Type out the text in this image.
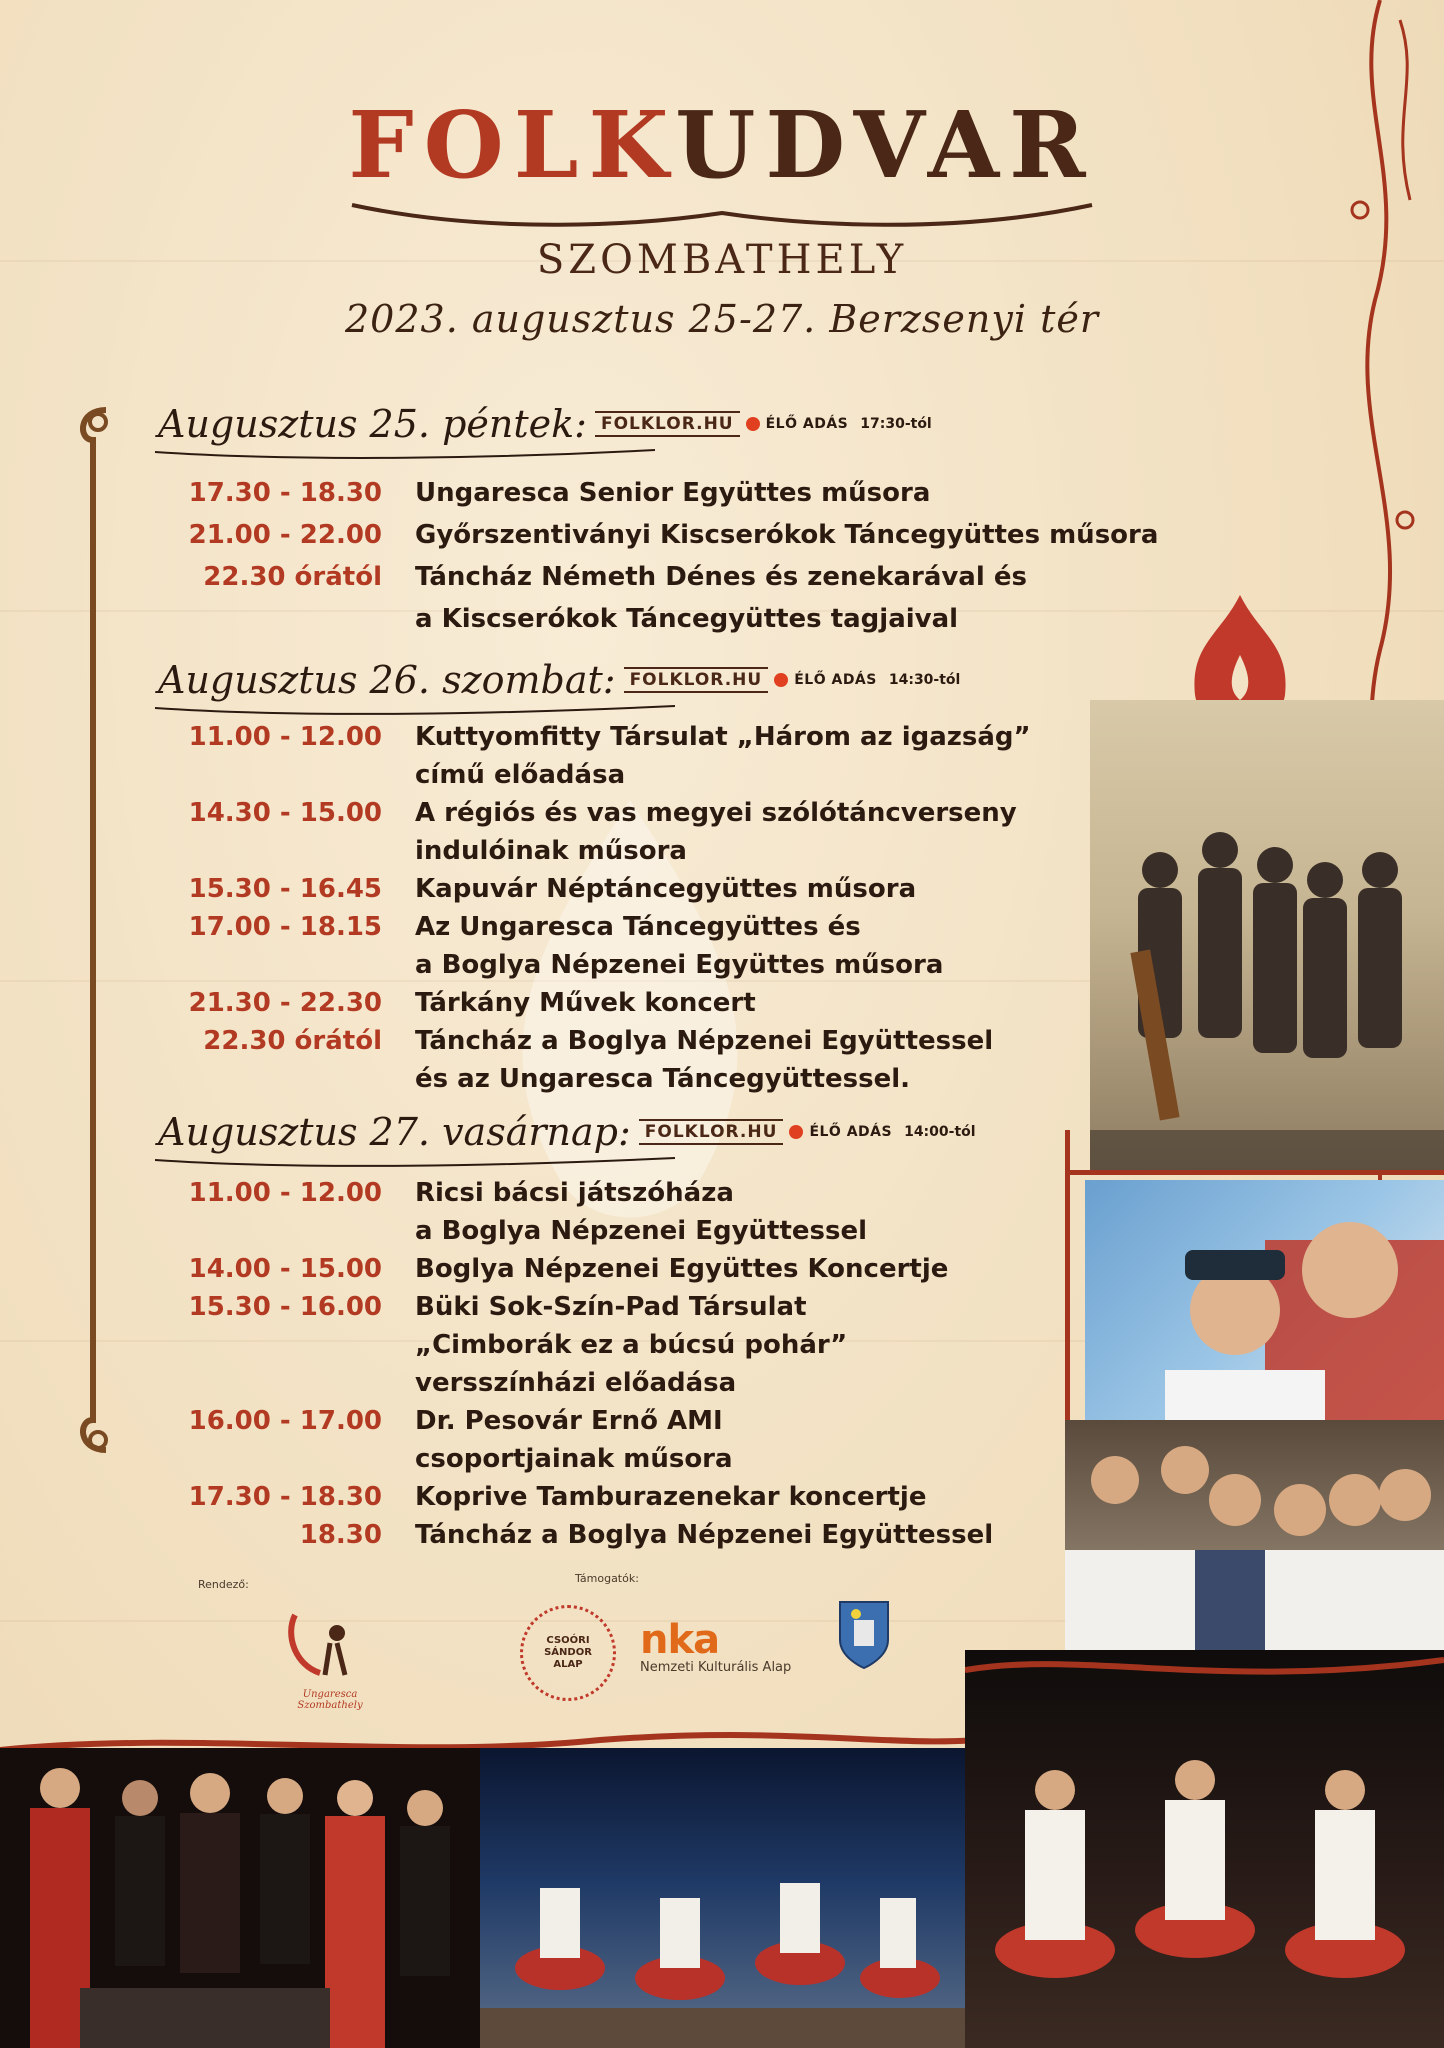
FOLKUDVAR
SZOMBATHELY
2023. augusztus 25-27. Berzsenyi tér
Augusztus 25. péntek: FOLKLOR.HU	ÉLŐ ADÁS 17:30-tól
17.30 - 18.30	Ungaresca Senior Együttes műsora
21.00 - 22.00	Győrszentiványi Kiscserókok Táncegyüttes műsora
22.30 órától	Táncház Németh Dénes és zenekarával és
a Kiscserókok Táncegyüttes tagjaival
Augusztus 26. szombat: FOLKLOR.HU	ÉLŐ ADÁS 14:30-tól
11.00 - 12.00	Kuttyomfitty Társulat „Három az igazság”
című előadása
14.30 - 15.00	A régiós és vas megyei szólótáncverseny
indulóinak műsora
15.30 - 16.45	Kapuvár Néptáncegyüttes műsora
17.00 - 18.15	Az Ungaresca Táncegyüttes és
a Boglya Népzenei Együttes műsora
21.30 - 22.30	Tárkány Művek koncert
22.30 órától	Táncház a Boglya Népzenei Együttessel
és az Ungaresca Táncegyüttessel.
Augusztus 27. vasárnap: FOLKLOR.HU	ÉLŐ ADÁS 14:00-tól
11.00 - 12.00	Ricsi bácsi játszóháza
a Boglya Népzenei Együttessel
14.00 - 15.00	Boglya Népzenei Együttes Koncertje
15.30 - 16.00	Büki Sok-Szín-Pad Társulat
„Cimborák ez a búcsú pohár”
versszínházi előadása
16.00 - 17.00	Dr. Pesovár Ernő AMI
csoportjainak műsora
17.30 - 18.30	Koprive Tamburazenekar koncertje
18.30	Táncház a Boglya Népzenei Együttessel
Rendező:	Támogatók:
Ungaresca Szombathely
CSOÓRI SÁNDOR ALAP
nka
Nemzeti Kulturális Alap
